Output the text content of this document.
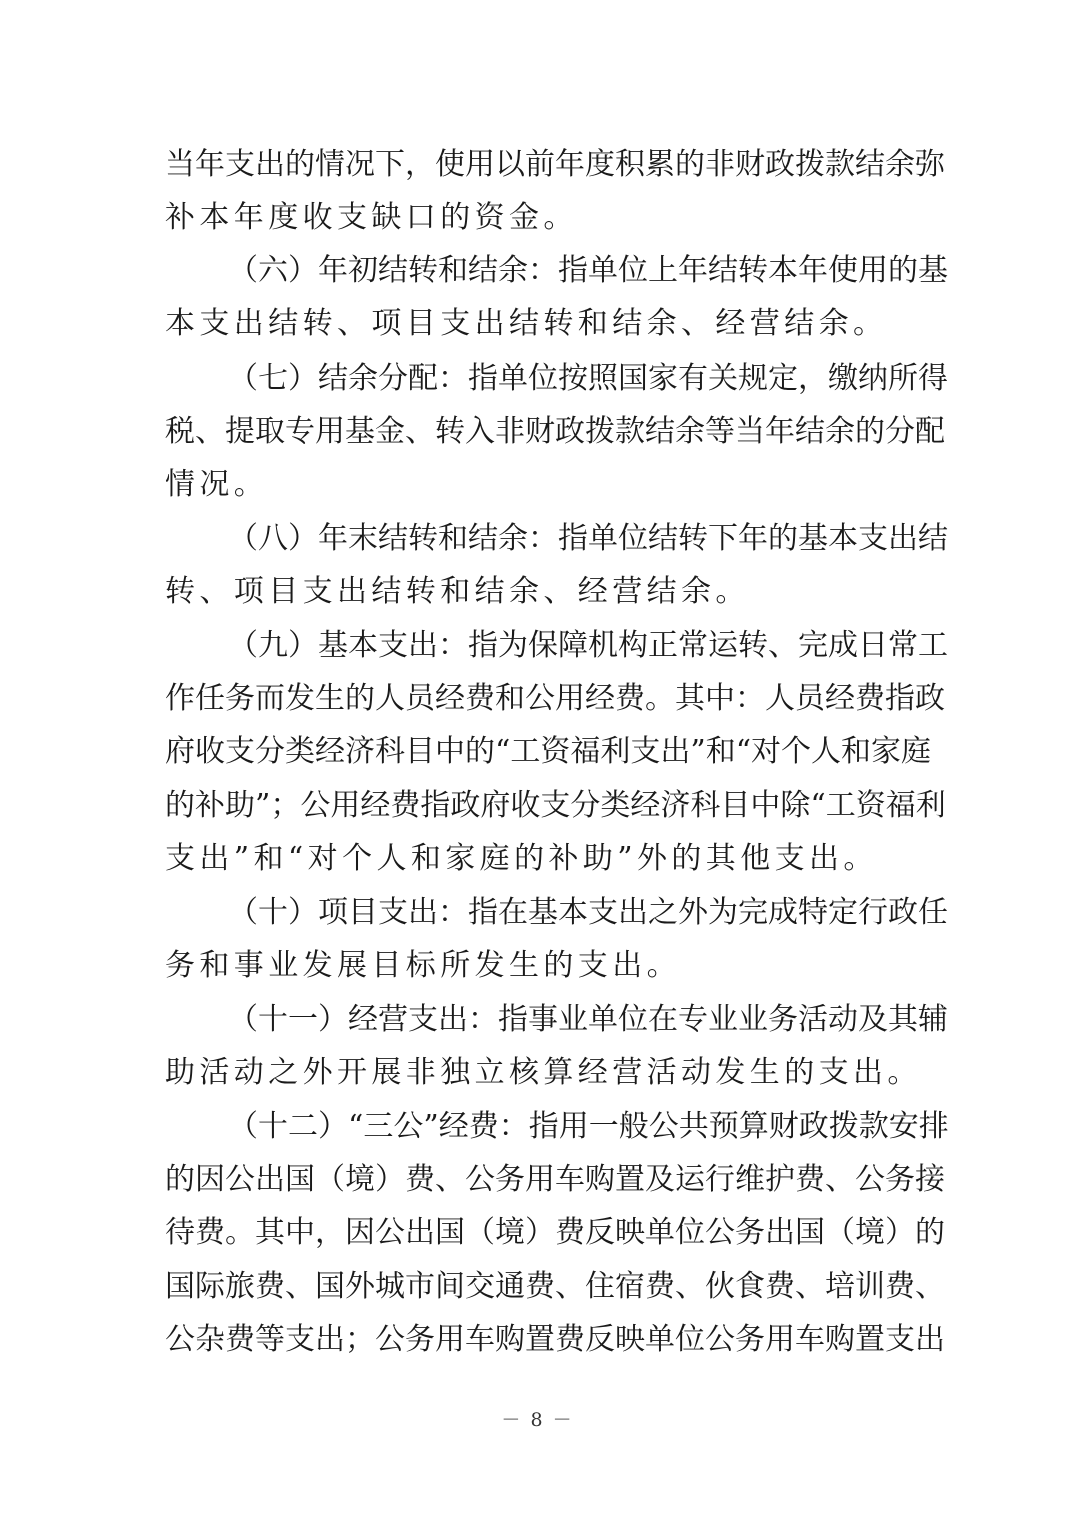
当 年 支 出 的 情 况 下 ， 使 用 以 前 年 度 积 累 的 非 财 政 拨 款 结 余 弥
补本年度收支缺口的资金。
（ 六 ） 年 初 结 转 和 结 余 ： 指 单 位 上 年 结 转 本 年 使 用 的 基
本支出结转、项目支出结转和结余、经营结余。
（ 七 ） 结 余 分 配 ： 指 单 位 按 照 国 家 有 关 规 定 ， 缴 纳 所 得
税 、 提 取 专 用 基 金 、 转 入 非 财 政 拨 款 结 余 等 当 年 结 余 的 分 配
情况。
（ 八 ） 年 末 结 转 和 结 余 ： 指 单 位 结 转 下 年 的 基 本 支 出 结
转、项目支出结转和结余、经营结余。
（ 九 ） 基 本 支 出 ： 指 为 保 障 机 构 正 常 运 转 、 完 成 日 常 工
作 任 务 而 发 生 的 人 员 经 费 和 公 用 经 费 。 其 中 ： 人 员 经 费 指 政
府 收 支 分 类 经 济 科 目 中 的 “ 工 资 福 利 支 出 ” 和 “ 对 个 人 和 家 庭
的 补 助 ” ； 公 用 经 费 指 政 府 收 支 分 类 经 济 科 目 中 除 “ 工 资 福 利
支出”和“对个人和家庭的补助”外的其他支出。
（ 十 ） 项 目 支 出 ： 指 在 基 本 支 出 之 外 为 完 成 特 定 行 政 任
务和事业发展目标所发生的支出。
（ 十 一 ） 经 营 支 出 ： 指 事 业 单 位 在 专 业 业 务 活 动 及 其 辅
助活动之外开展非独立核算经营活动发生的支出。
（ 十 二 ） “ 三 公 ” 经 费 ： 指 用 一 般 公 共 预 算 财 政 拨 款 安 排
的 因 公 出 国 （ 境 ） 费 、 公 务 用 车 购 置 及 运 行 维 护 费 、 公 务 接
待 费 。 其 中 ， 因 公 出 国 （ 境 ） 费 反 映 单 位 公 务 出 国 （ 境 ） 的
国 际 旅 费 、 国 外 城 市 间 交 通 费 、 住 宿 费 、 伙 食 费 、 培 训 费 、
公 杂 费 等 支 出 ； 公 务 用 车 购 置 费 反 映 单 位 公 务 用 车 购 置 支 出
－ 8 －
